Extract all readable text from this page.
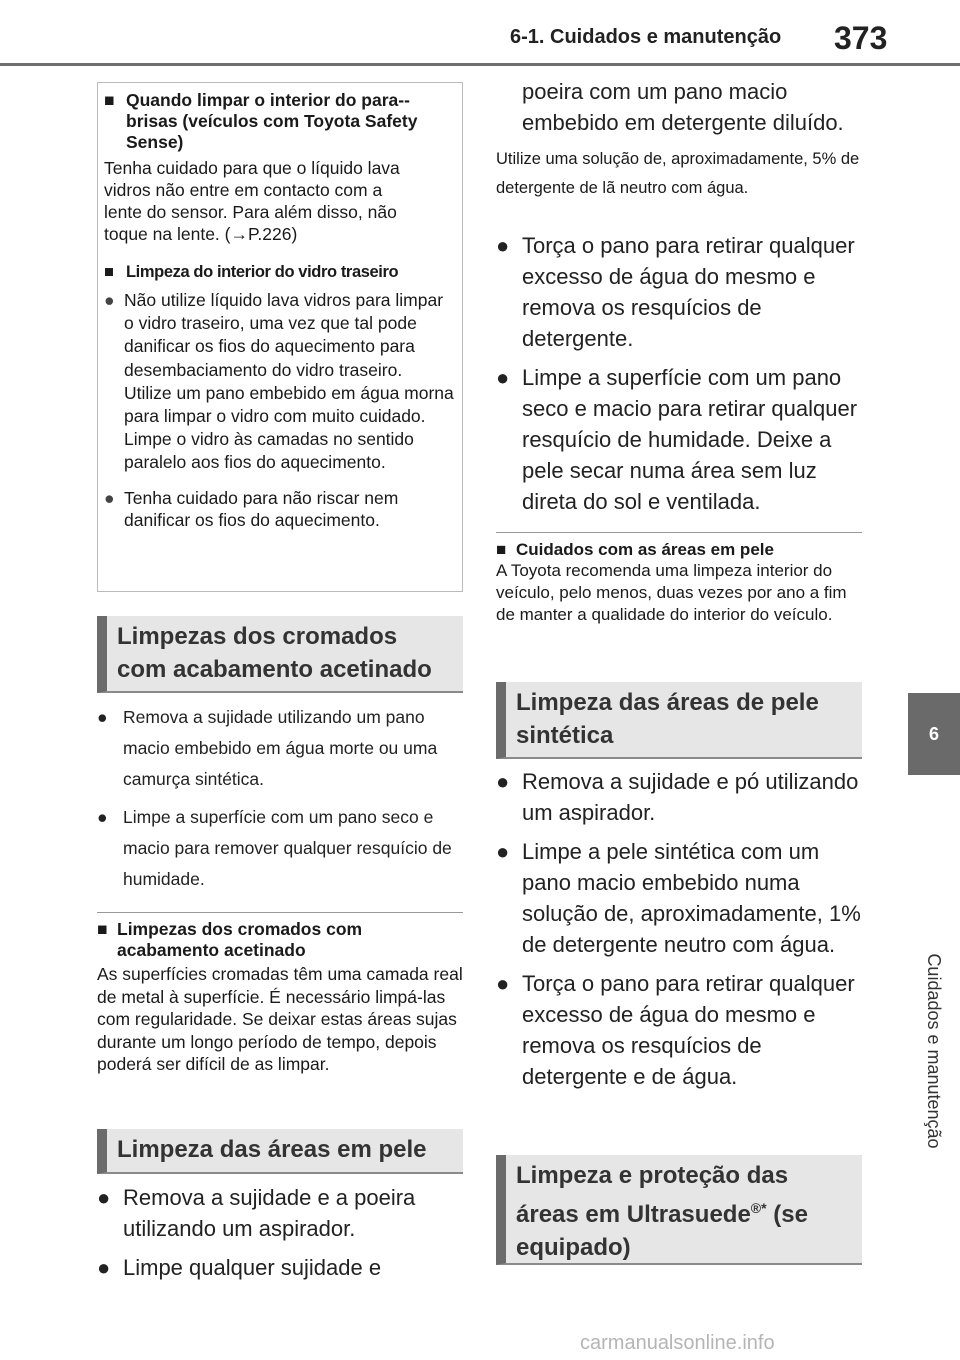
6-1. Cuidados e manutenção 373
6
Cuidados e manutenção
■ Quando limpar o interior do para--brisas (veículos com Toyota Safety Sense)
Tenha cuidado para que o líquido lava
vidros não entre em contacto com a
lente do sensor. Para além disso, não
toque na lente. (→P.226)
■ Limpeza do interior do vidro traseiro
● Não utilize líquido lava vidros para limpar o vidro traseiro, uma vez que tal pode danificar os fios do aquecimento para desembaciamento do vidro traseiro. Utilize um pano embebido em água morna para limpar o vidro com muito cuidado. Limpe o vidro às camadas no sentido paralelo aos fios do aquecimento.
● Tenha cuidado para não riscar nem danificar os fios do aquecimento.
Limpezas dos cromados com acabamento acetinado
● Remova a sujidade utilizando um pano macio embebido em água morte ou uma camurça sintética.
● Limpe a superfície com um pano seco e macio para remover qualquer resquício de humidade.
■ Limpezas dos cromados com acabamento acetinado
As superfícies cromadas têm uma camada real de metal à superfície. É necessário limpá-las com regularidade. Se deixar estas áreas sujas durante um longo período de tempo, depois poderá ser difícil de as limpar.
Limpeza das áreas em pele
● Remova a sujidade e a poeira utilizando um aspirador.
● Limpe qualquer sujidade e
poeira com um pano macio
embebido em detergente diluído.
Utilize uma solução de, aproximadamente, 5% de detergente de lã neutro com água.
● Torça o pano para retirar qualquer excesso de água do mesmo e remova os resquícios de detergente.
● Limpe a superfície com um pano seco e macio para retirar qualquer resquício de humidade. Deixe a pele secar numa área sem luz direta do sol e ventilada.
■ Cuidados com as áreas em pele
A Toyota recomenda uma limpeza interior do veículo, pelo menos, duas vezes por ano a fim de manter a qualidade do interior do veículo.
Limpeza das áreas de pele sintética
● Remova a sujidade e pó utilizando um aspirador.
● Limpe a pele sintética com um pano macio embebido numa solução de, aproximadamente, 1% de detergente neutro com água.
● Torça o pano para retirar qualquer excesso de água do mesmo e remova os resquícios de detergente e de água.
Limpeza e proteção das
áreas em Ultrasuede®* (se equipado)
carmanualsonline.info
